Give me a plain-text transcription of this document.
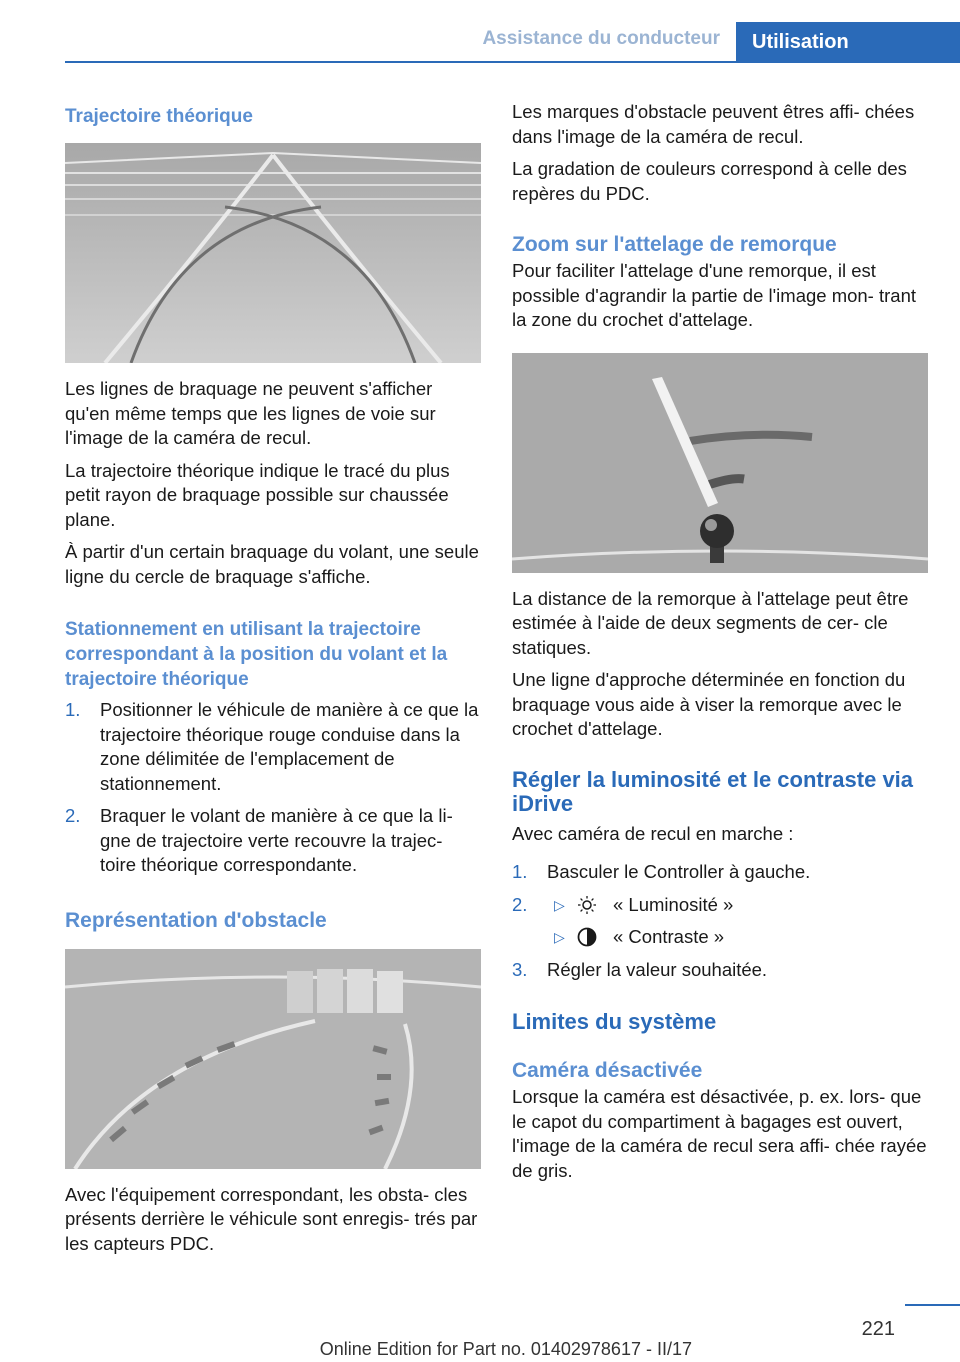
Assistance du conducteur	Utilisation
Trajectoire théorique

Les lignes de braquage ne peuvent s'afficher qu'en même temps que les lignes de voie sur l'image de la caméra de recul.

La trajectoire théorique indique le tracé du plus petit rayon de braquage possible sur chaussée plane.

À partir d'un certain braquage du volant, une seule ligne du cercle de braquage s'affiche.

Stationnement en utilisant la trajectoire correspondant à la position du volant et la trajectoire théorique
1. Positionner le véhicule de manière à ce que la trajectoire théorique rouge conduise dans la zone délimitée de l'emplacement de stationnement.
2. Braquer le volant de manière à ce que la li- gne de trajectoire verte recouvre la trajec- toire théorique correspondante.
Représentation d'obstacle

Avec l'équipement correspondant, les obsta- cles présents derrière le véhicule sont enregis- trés par les capteurs PDC.

Les marques d'obstacle peuvent êtres affi- chées dans l'image de la caméra de recul.

La gradation de couleurs correspond à celle des repères du PDC.

Zoom sur l'attelage de remorque

Pour faciliter l'attelage d'une remorque, il est possible d'agrandir la partie de l'image mon- trant la zone du crochet d'attelage.

La distance de la remorque à l'attelage peut être estimée à l'aide de deux segments de cer- cle statiques.

Une ligne d'approche déterminée en fonction du braquage vous aide à viser la remorque avec le crochet d'attelage.

Régler la luminosité et le contraste via iDrive

Avec caméra de recul en marche :

1. Basculer le Controller à gauche.
2. ▷	« Luminosité »
▷	« Contraste »
3. Régler la valeur souhaitée.
Limites du système
Caméra désactivée

Lorsque la caméra est désactivée, p. ex. lors- que le capot du compartiment à bagages est ouvert, l'image de la caméra de recul sera affi- chée rayée de gris.

221
Online Edition for Part no. 01402978617 - II/17
